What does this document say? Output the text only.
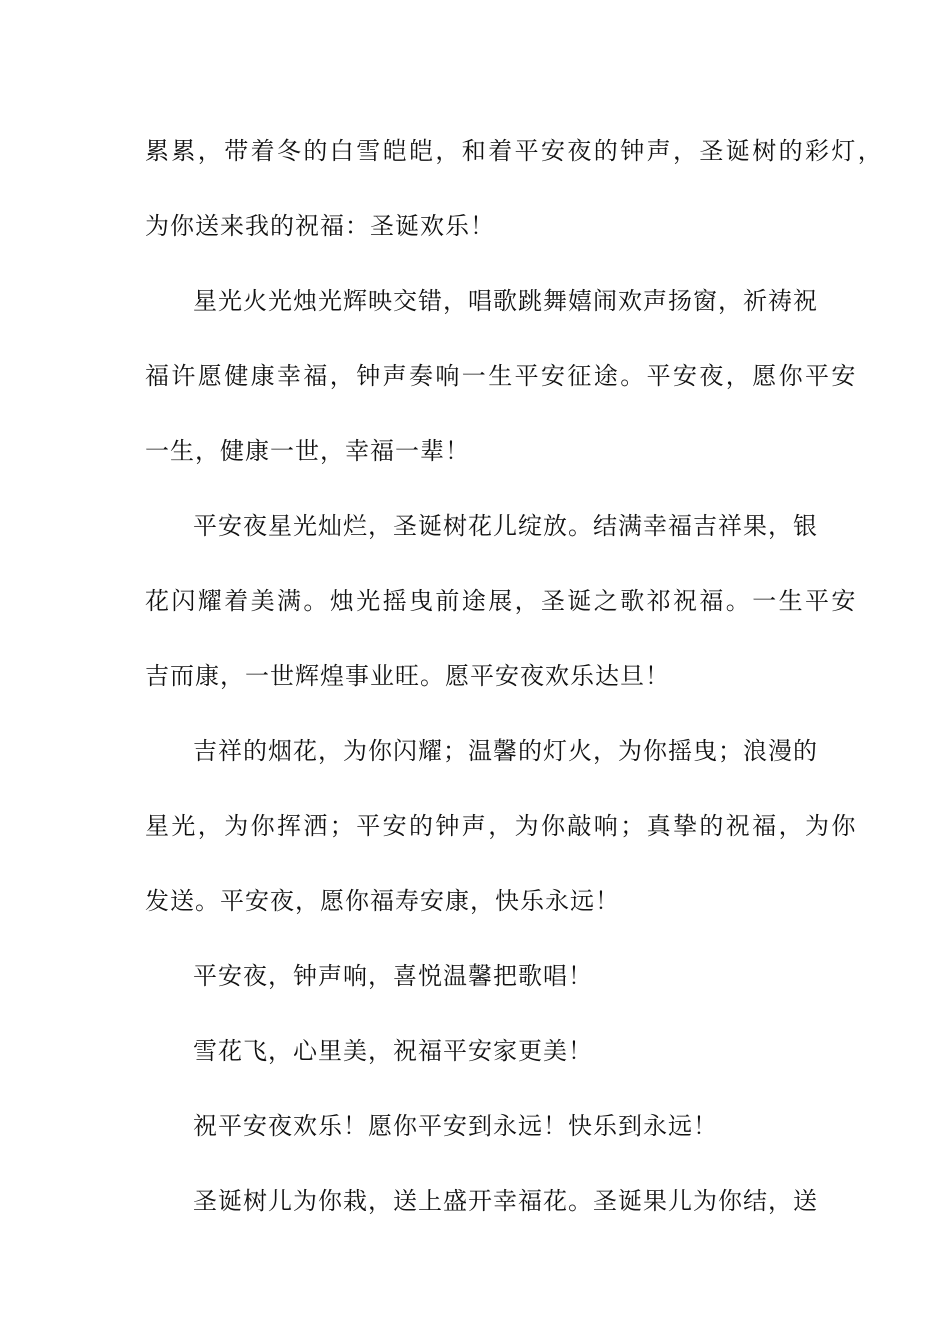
累累，带着冬的白雪皑皑，和着平安夜的钟声，圣诞树的彩灯，
为你送来我的祝福：圣诞欢乐！
星光火光烛光辉映交错，唱歌跳舞嬉闹欢声扬窗，祈祷祝
福许愿健康幸福，钟声奏响一生平安征途。平安夜，愿你平安
一生，健康一世，幸福一辈！
平安夜星光灿烂，圣诞树花儿绽放。结满幸福吉祥果，银
花闪耀着美满。烛光摇曳前途展，圣诞之歌祁祝福。一生平安
吉而康，一世辉煌事业旺。愿平安夜欢乐达旦！
吉祥的烟花，为你闪耀；温馨的灯火，为你摇曳；浪漫的
星光，为你挥洒；平安的钟声，为你敲响；真挚的祝福，为你
发送。平安夜，愿你福寿安康，快乐永远！
平安夜，钟声响，喜悦温馨把歌唱！
雪花飞，心里美，祝福平安家更美！
祝平安夜欢乐！愿你平安到永远！快乐到永远！
圣诞树儿为你栽，送上盛开幸福花。圣诞果儿为你结，送
